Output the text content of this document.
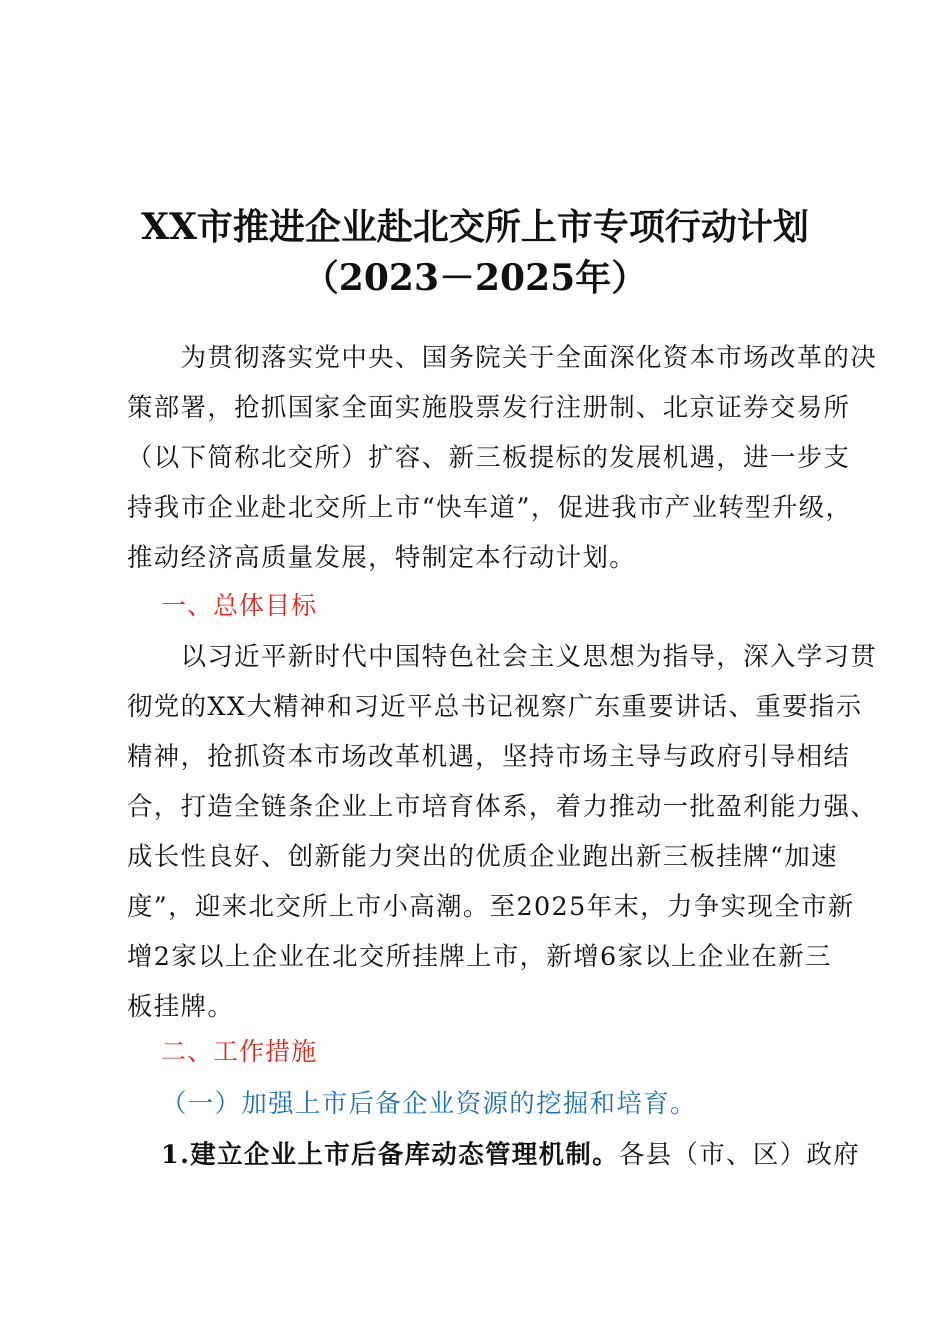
XX市推进企业赴北交所上市专项行动计划
（2023－2025年）
　　为贯彻落实党中央、国务院关于全面深化资本市场改革的决
策部署，抢抓国家全面实施股票发行注册制、北京证券交易所
（以下简称北交所）扩容、新三板提标的发展机遇，进一步支
持我市企业赴北交所上市“快车道”，促进我市产业转型升级，
推动经济高质量发展，特制定本行动计划。
一、总体目标
　　以习近平新时代中国特色社会主义思想为指导，深入学习贯
彻党的XX大精神和习近平总书记视察广东重要讲话、重要指示
精神，抢抓资本市场改革机遇，坚持市场主导与政府引导相结
合，打造全链条企业上市培育体系，着力推动一批盈利能力强、
成长性良好、创新能力突出的优质企业跑出新三板挂牌“加速
度”，迎来北交所上市小高潮。至2025年末，力争实现全市新
增2家以上企业在北交所挂牌上市，新增6家以上企业在新三
板挂牌。
二、工作措施
（一）加强上市后备企业资源的挖掘和培育。
1.建立企业上市后备库动态管理机制。各县（市、区）政府
